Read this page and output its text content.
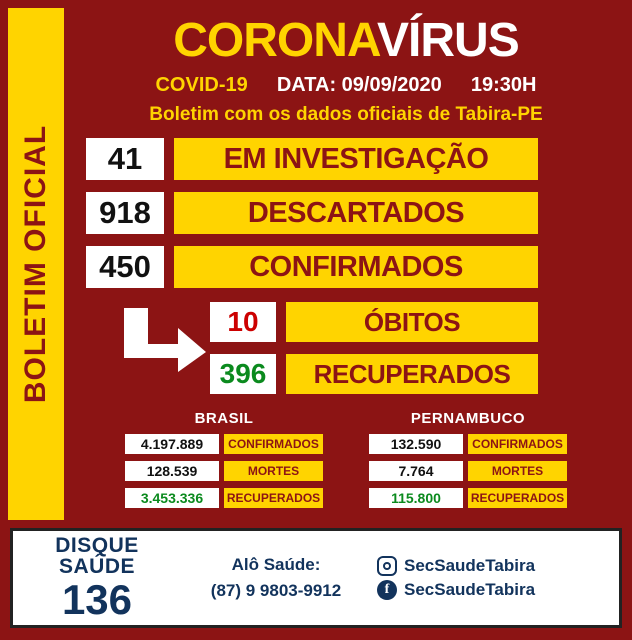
BOLETIM OFICIAL
CORONAVÍRUS
COVID-19 DATA: 09/09/2020 19:30H
Boletim com os dados oficiais de Tabira-PE
41	EM INVESTIGAÇÃO
918	DESCARTADOS
450	CONFIRMADOS
10	ÓBITOS
396	RECUPERADOS
BRASIL
4.197.889	CONFIRMADOS
128.539	MORTES
3.453.336	RECUPERADOS
PERNAMBUCO
132.590	CONFIRMADOS
7.764	MORTES
115.800	RECUPERADOS
DISQUE
SAÚDE
136
Alô Saúde:
(87) 9 9803-9912
SecSaudeTabira
f SecSaudeTabira
